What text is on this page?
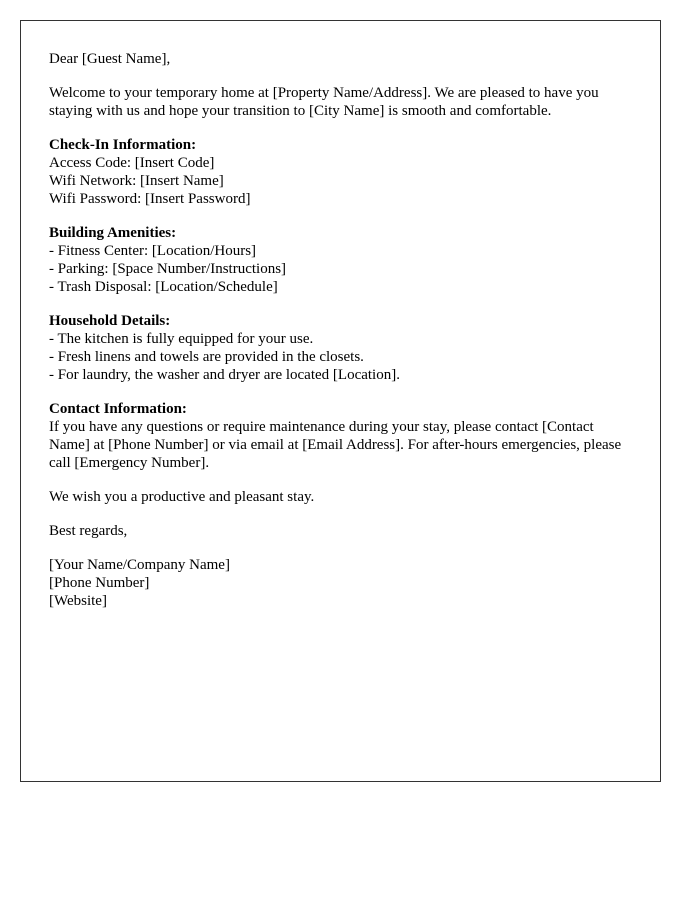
Dear [Guest Name],

Welcome to your temporary home at [Property Name/Address]. We are pleased to have you staying with us and hope your transition to [City Name] is smooth and comfortable.

Check-In Information:
Access Code: [Insert Code]
Wifi Network: [Insert Name]
Wifi Password: [Insert Password]

Building Amenities:
- Fitness Center: [Location/Hours]
- Parking: [Space Number/Instructions]
- Trash Disposal: [Location/Schedule]

Household Details:
- The kitchen is fully equipped for your use.
- Fresh linens and towels are provided in the closets.
- For laundry, the washer and dryer are located [Location].

Contact Information:
If you have any questions or require maintenance during your stay, please contact [Contact Name] at [Phone Number] or via email at [Email Address]. For after-hours emergencies, please call [Emergency Number].

We wish you a productive and pleasant stay.

Best regards,

[Your Name/Company Name]
[Phone Number]
[Website]
